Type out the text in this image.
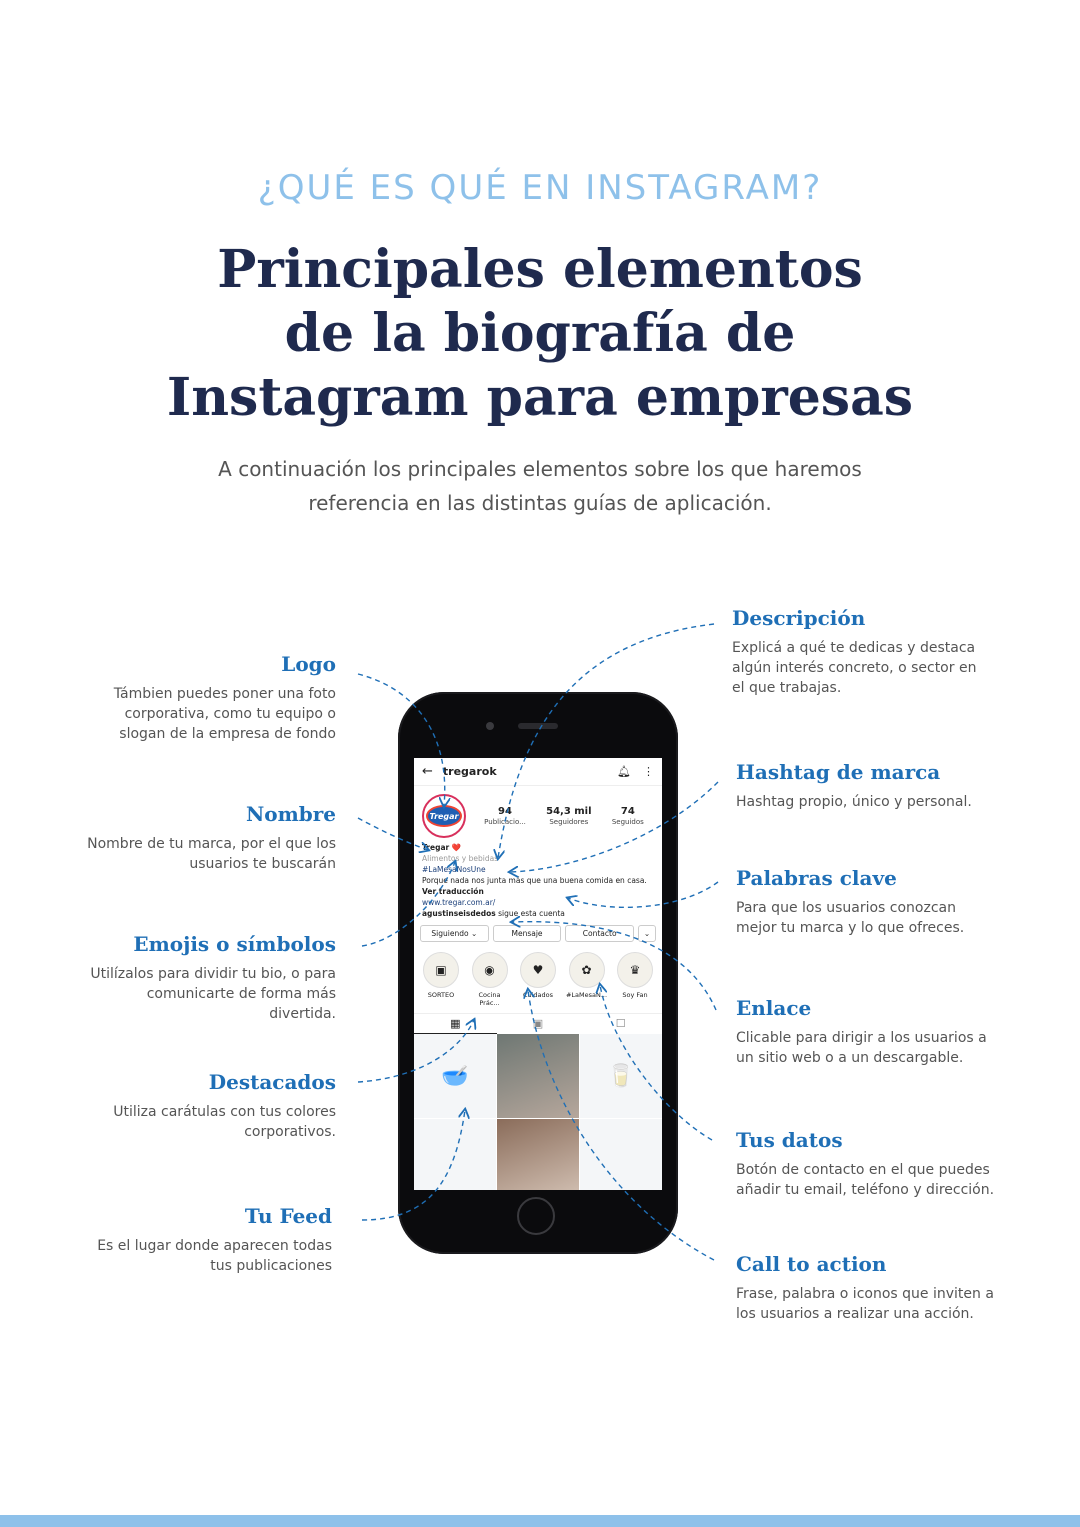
¿QUÉ ES QUÉ EN INSTAGRAM?
Principales elementos
de la biografía de
Instagram para empresas
A continuación los principales elementos sobre los que haremos
referencia en las distintas guías de aplicación.
Logo

Támbien puedes poner una foto corporativa, como tu equipo o slogan de la empresa de fondo

Nombre

Nombre de tu marca, por el que los usuarios te buscarán

Emojis o símbolos

Utilízalos para dividir tu bio, o para comunicarte de forma más divertida.

Destacados

Utiliza carátulas con tus colores corporativos.

Tu Feed

Es el lugar donde aparecen todas tus publicaciones

Descripción

Explicá a qué te dedicas y destaca algún interés concreto, o sector en el que trabajas.

Hashtag de marca

Hashtag propio, único y personal.

Palabras clave

Para que los usuarios conozcan mejor tu marca y lo que ofreces.

Enlace

Clicable para dirigir a los usuarios a un sitio web o a un descargable.

Tus datos

Botón de contacto en el que puedes añadir tu email, teléfono y dirección.

Call to action

Frase, palabra o iconos que inviten a los usuarios a realizar una acción.

← tregarok	🔔︎ ⋮
Tregar	94
Publicacio...
54,3 mil
Seguidores
74
Seguidos
Tregar ❤️
Alimentos y bebidas
#LaMesaNosUne
Porque nada nos junta más que una buena comida en casa.
Ver traducción
www.tregar.com.ar/
agustinseisdedos sigue esta cuenta
Siguiendo ⌄	Mensaje	Contacto	⌄
▣
SORTEO
◉
Cocina Prác...
♥
Cuidados
✿
#LaMesaN...
♛
Soy Fan
▦	▣	☐
🥣	🥛
